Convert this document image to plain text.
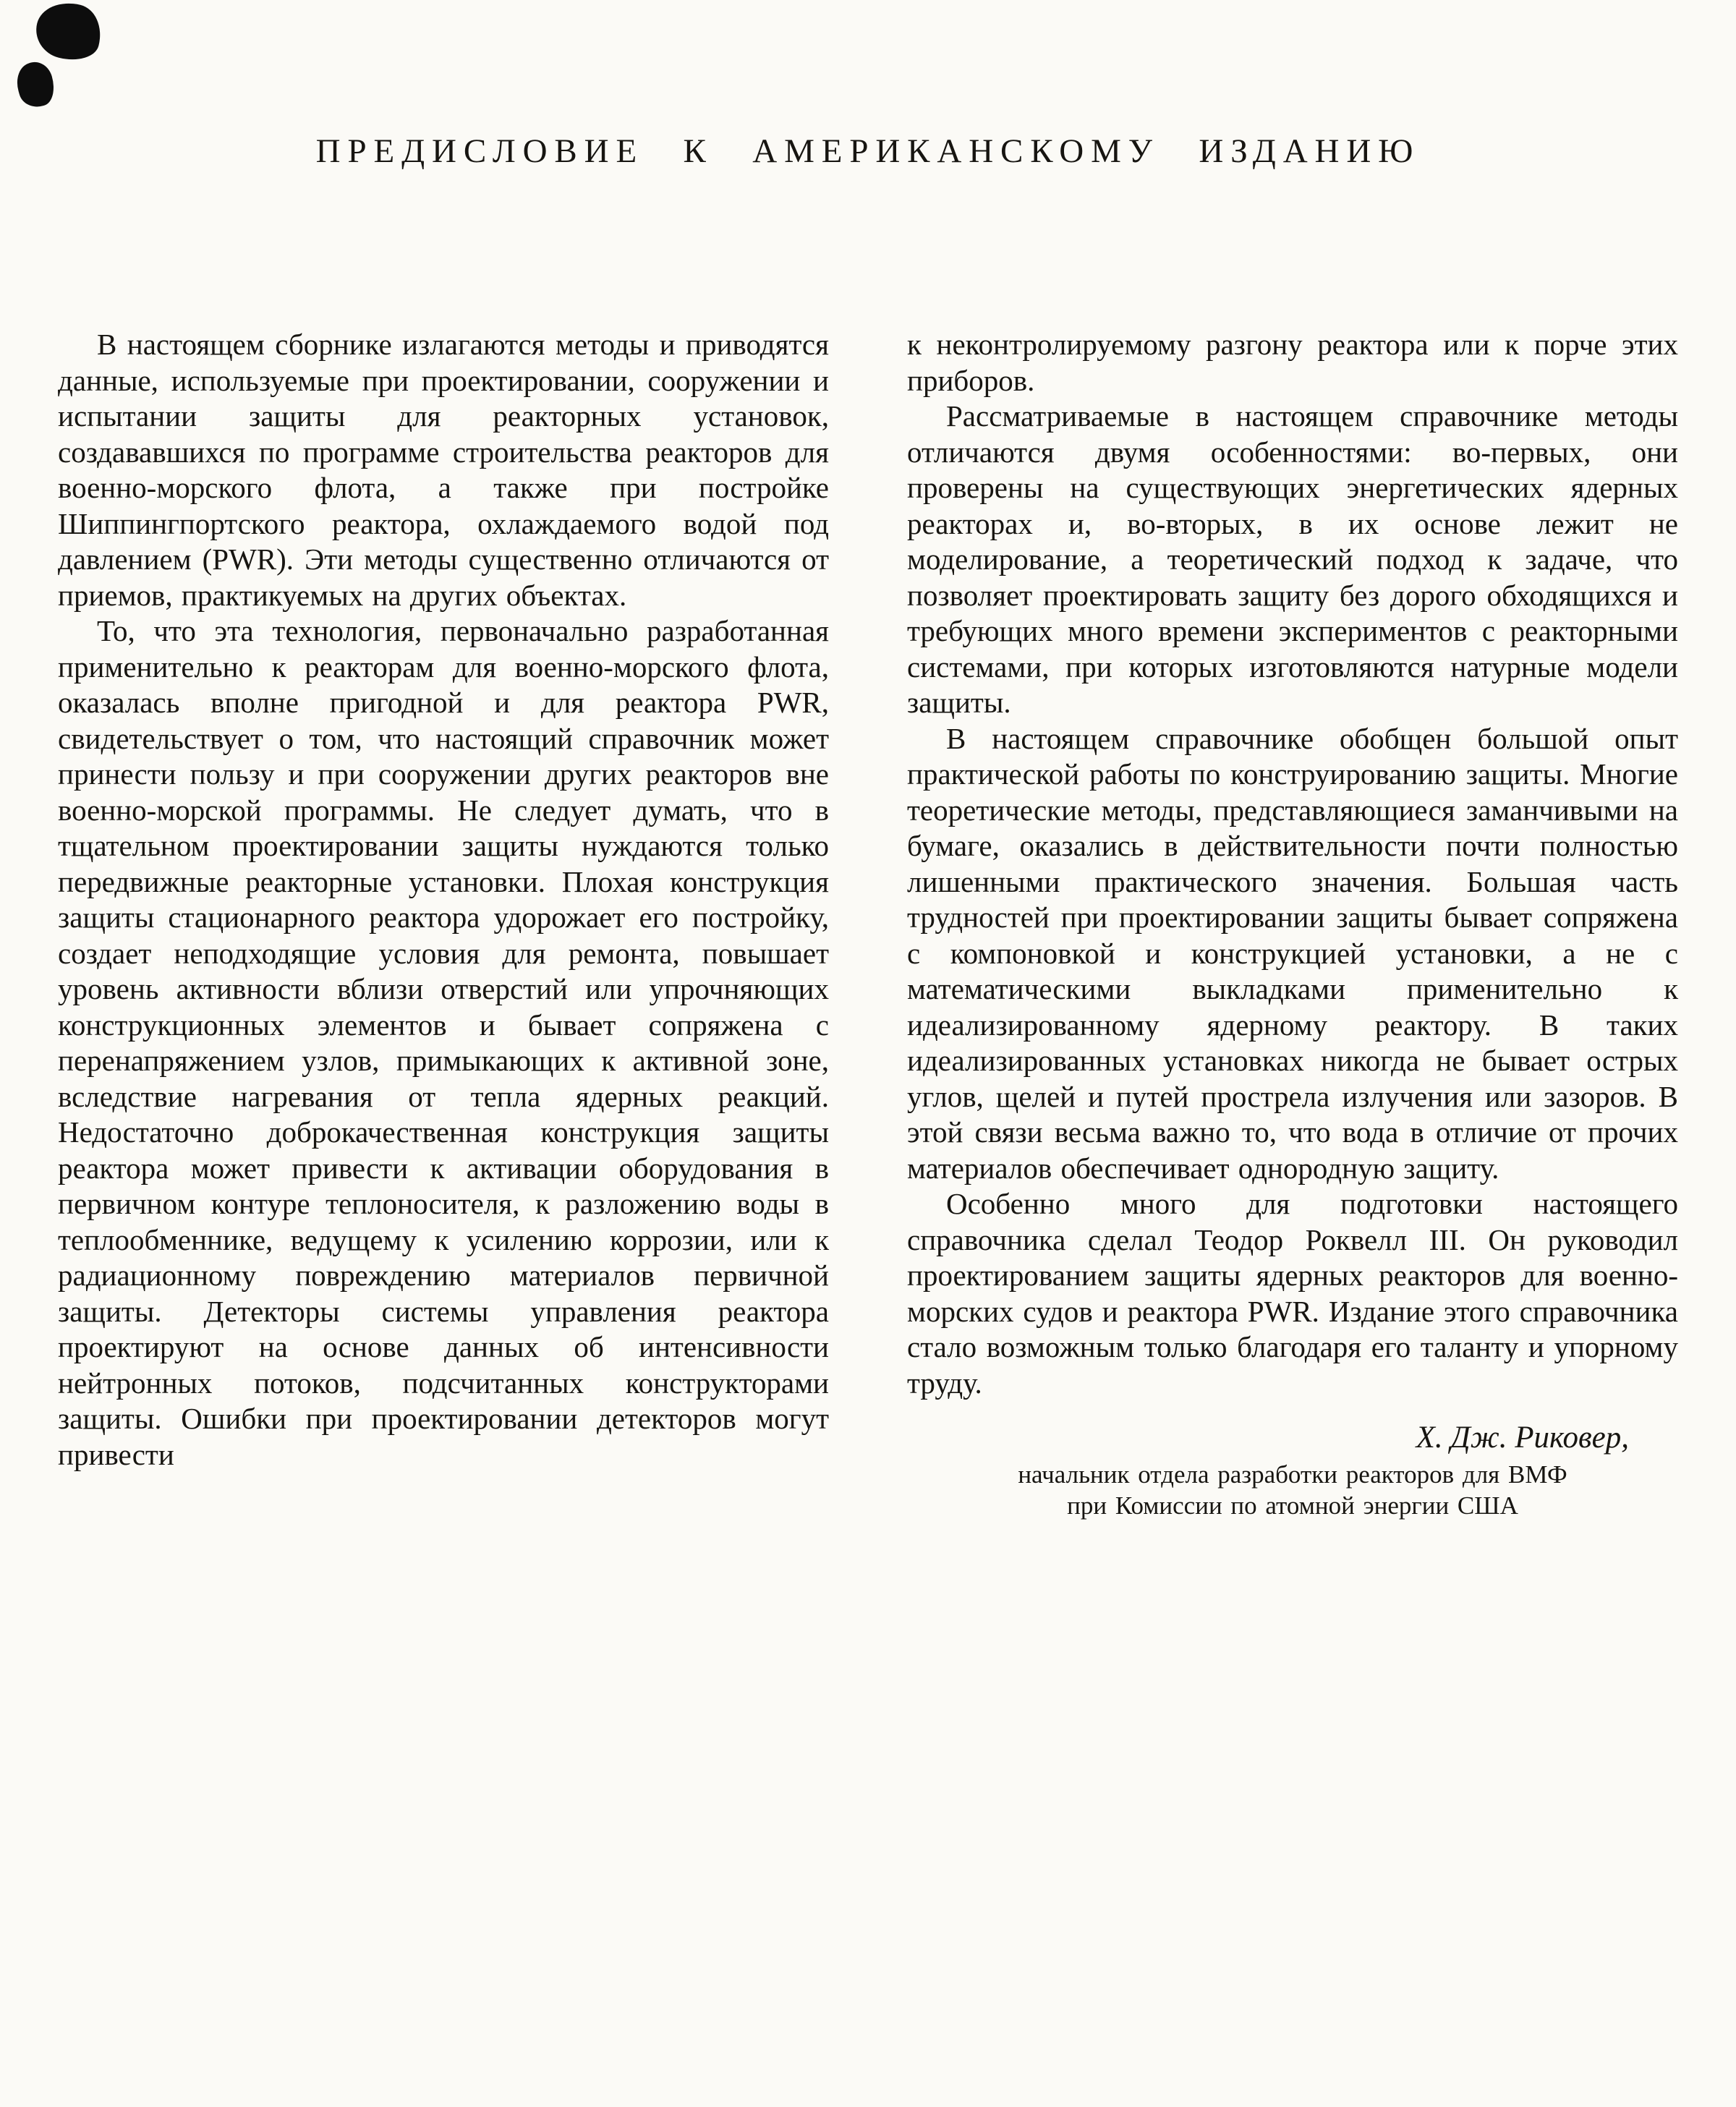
ПРЕДИСЛОВИЕ К АМЕРИКАНСКОМУ ИЗДАНИЮ

В настоящем сборнике излагаются методы и приводятся данные, используемые при проектировании, сооружении и испытании защиты для реакторных установок, создававшихся по программе строительства реакторов для военно-морского флота, а также при постройке Шиппингпортского реактора, охлаждаемого водой под давлением (PWR). Эти методы существенно отличаются от приемов, практикуемых на других объектах.

То, что эта технология, первоначально разработанная применительно к реакторам для военно-морского флота, оказалась вполне пригодной и для реактора PWR, свидетельствует о том, что настоящий справочник может принести пользу и при сооружении других реакторов вне военно-морской программы. Не следует думать, что в тщательном проектировании защиты нуждаются только передвижные реакторные установки. Плохая конструкция защиты стационарного реактора удорожает его постройку, создает неподходящие условия для ремонта, повышает уровень активности вблизи отверстий или упрочняющих конструкционных элементов и бывает сопряжена с перенапряжением узлов, примыкающих к активной зоне, вследствие нагревания от тепла ядерных реакций. Недостаточно доброкачественная конструкция защиты реактора может привести к активации оборудования в первичном контуре теплоносителя, к разложению воды в теплообменнике, ведущему к усилению коррозии, или к радиационному повреждению материалов первичной защиты. Детекторы системы управления реактора проектируют на основе данных об интенсивности нейтронных потоков, подсчитанных конструкторами защиты. Ошибки при проектировании детекторов могут привести

к неконтролируемому разгону реактора или к порче этих приборов.

Рассматриваемые в настоящем справочнике методы отличаются двумя особенностями: во-первых, они проверены на существующих энергетических ядерных реакторах и, во-вторых, в их основе лежит не моделирование, а теоретический подход к задаче, что позволяет проектировать защиту без дорого обходящихся и требующих много времени экспериментов с реакторными системами, при которых изготовляются натурные модели защиты.

В настоящем справочнике обобщен большой опыт практической работы по конструированию защиты. Многие теоретические методы, представляющиеся заманчивыми на бумаге, оказались в действительности почти полностью лишенными практического значения. Большая часть трудностей при проектировании защиты бывает сопряжена с компоновкой и конструкцией установки, а не с математическими выкладками применительно к идеализированному ядерному реактору. В таких идеализированных установках никогда не бывает острых углов, щелей и путей прострела излучения или зазоров. В этой связи весьма важно то, что вода в отличие от прочих материалов обеспечивает однородную защиту.

Особенно много для подготовки настоящего справочника сделал Теодор Роквелл III. Он руководил проектированием защиты ядерных реакторов для военно-морских судов и реактора PWR. Издание этого справочника стало возможным только благодаря его таланту и упорному труду.

Х. Дж. Риковер,
начальник отдела разработки реакторов для ВМФ
при Комиссии по атомной энергии США
